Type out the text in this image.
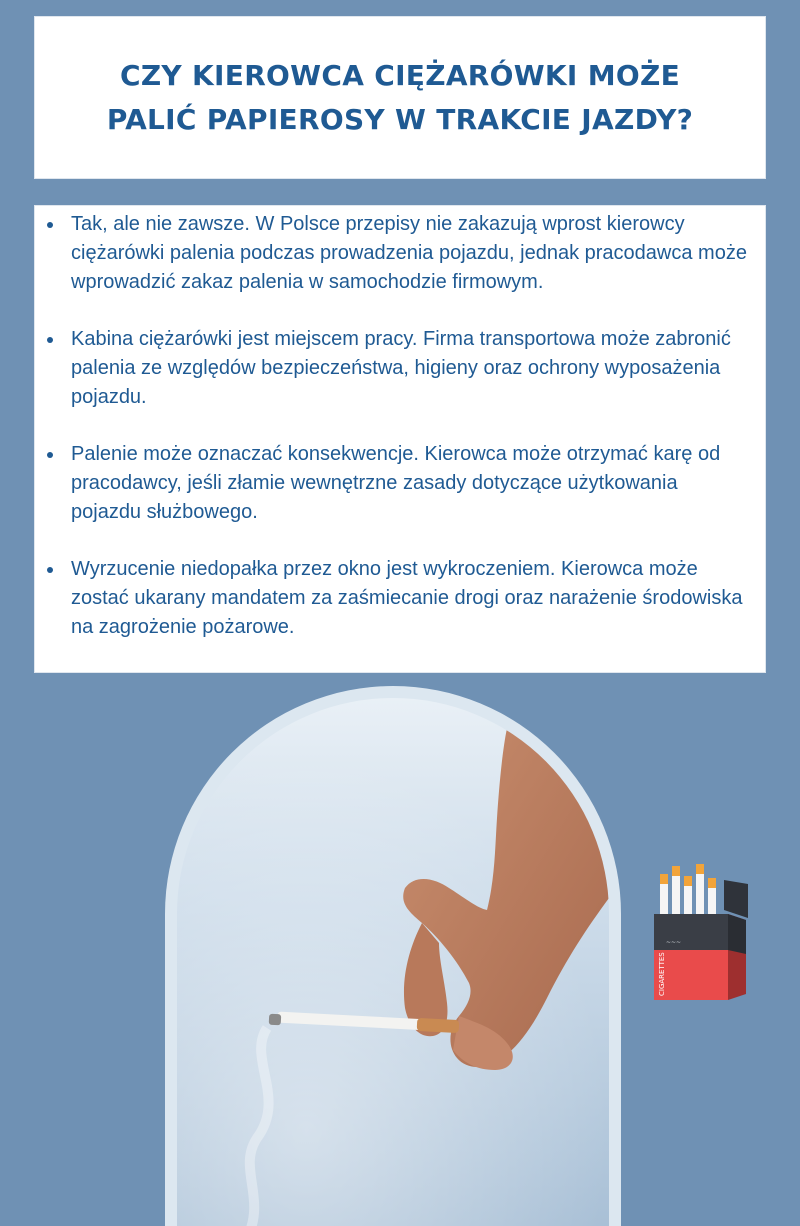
CZY KIEROWCA CIĘŻARÓWKI MOŻE PALIĆ PAPIEROSY W TRAKCIE JAZDY?
Tak, ale nie zawsze. W Polsce przepisy nie zakazują wprost kierowcy ciężarówki palenia podczas prowadzenia pojazdu, jednak pracodawca może wprowadzić zakaz palenia w samochodzie firmowym.
Kabina ciężarówki jest miejscem pracy. Firma transportowa może zabronić palenia ze względów bezpieczeństwa, higieny oraz ochrony wyposażenia pojazdu.
Palenie może oznaczać konsekwencje. Kierowca może otrzymać karę od pracodawcy, jeśli złamie wewnętrzne zasady dotyczące użytkowania pojazdu służbowego.
Wyrzucenie niedopałka przez okno jest wykroczeniem. Kierowca może zostać ukarany mandatem za zaśmiecanie drogi oraz narażenie środowiska na zagrożenie pożarowe.
~~~
CIGARETTES
